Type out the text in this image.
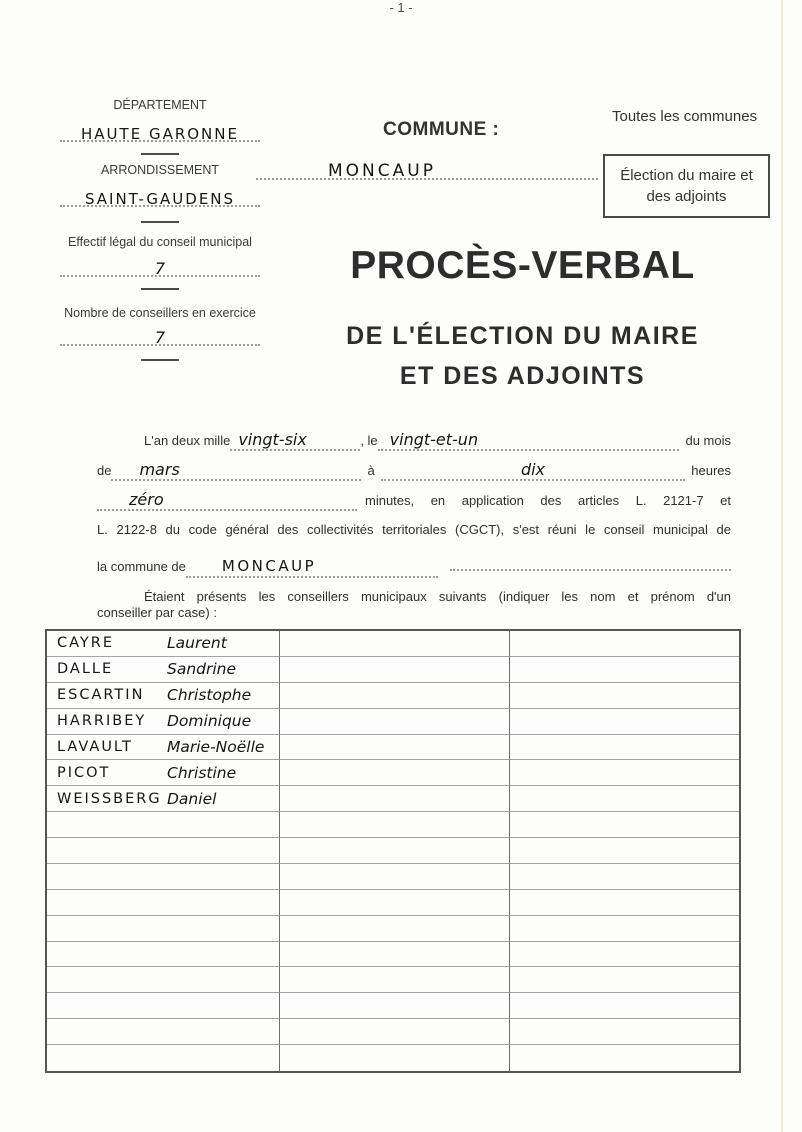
- 1 -
DÉPARTEMENT
HAUTE GARONNE
ARRONDISSEMENT
SAINT-GAUDENS
Effectif légal du conseil municipal
7
Nombre de conseillers en exercice
7
COMMUNE :
MONCAUP
Toutes les communes
Élection du maire et
des adjoints
PROCÈS-VERBAL
DE L'ÉLECTION DU MAIRE
ET DES ADJOINTS
L'an deux mille vingt-six	, le vingt-et-un	du mois
de	mars	à	dix	heures
zéro	minutes, en application des articles L. 2121-7 et
L. 2122-8 du code général des collectivités territoriales (CGCT), s'est réuni le conseil municipal de
la commune de	MONCAUP
Étaient présents les conseillers municipaux suivants (indiquer les nom et prénom d'un
conseiller par case) :
CAYRE	Laurent
DALLE	Sandrine
ESCARTIN	Christophe
HARRIBEY	Dominique
LAVAULT	Marie-Noëlle
PICOT	Christine
WEISSBERG Daniel
